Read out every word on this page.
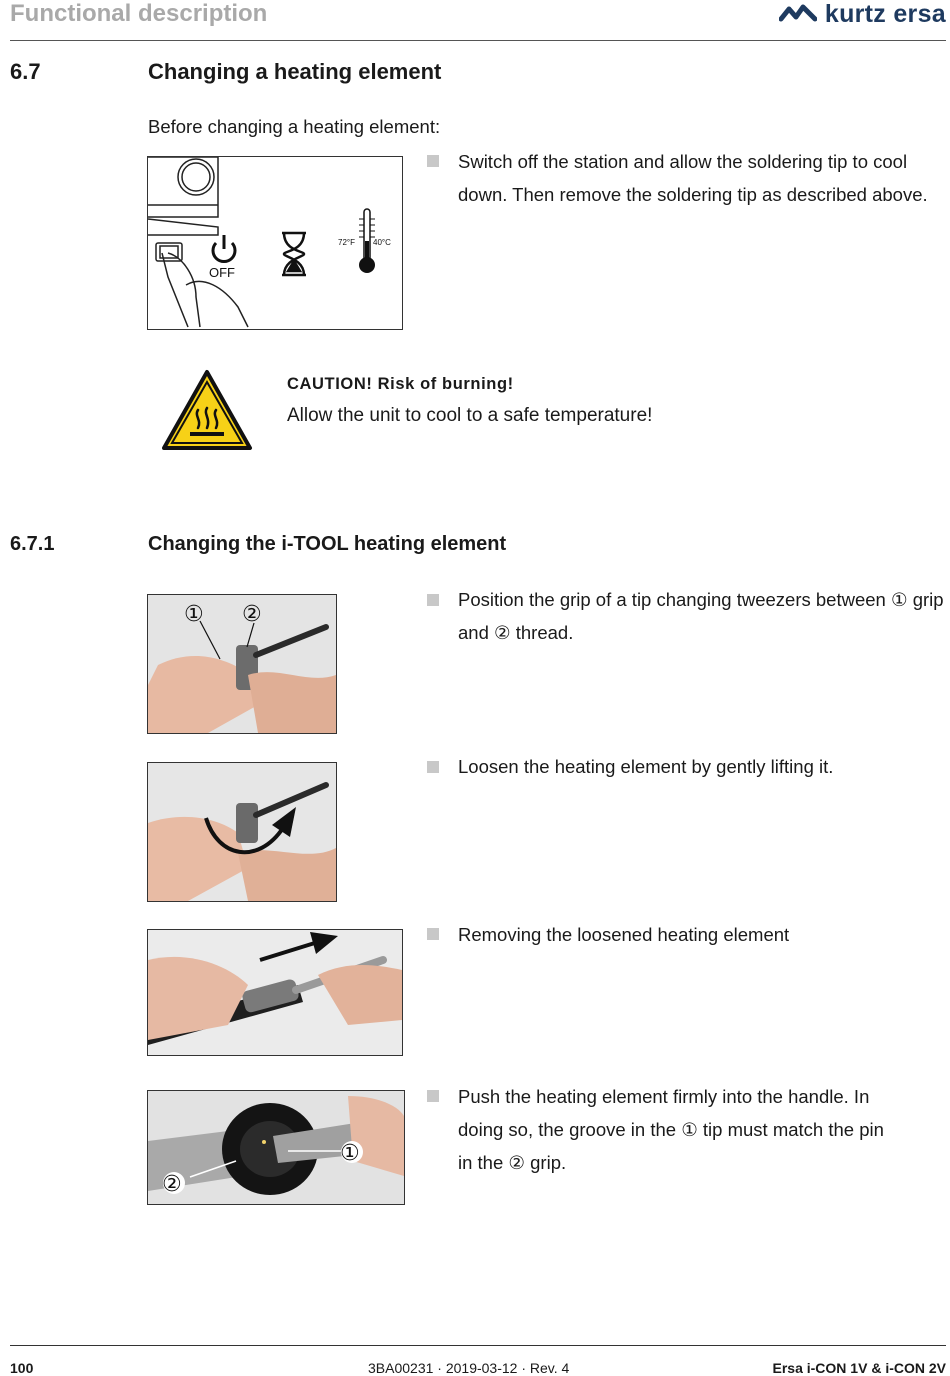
Functional description	kurtz ersa
6.7	Changing a heating element
Before changing a heating element:
OFF
72°F 40°C
Switch off the station and allow the soldering tip to cool down. Then remove the soldering tip as described above.
CAUTION! Risk of burning!
Allow the unit to cool to a safe temperature!
6.7.1	Changing the i-TOOL heating element
① ②
Position the grip of a tip changing tweezers between ① grip and ② thread.
Loosen the heating element by gently lifting it.
Removing the loosened heating element
①
②
Push the heating element firmly into the handle. In
doing so, the groove in the ① tip must match the pin
in the ② grip.
100	3BA00231 · 2019-03-12 · Rev. 4	Ersa i-CON 1V & i-CON 2V
